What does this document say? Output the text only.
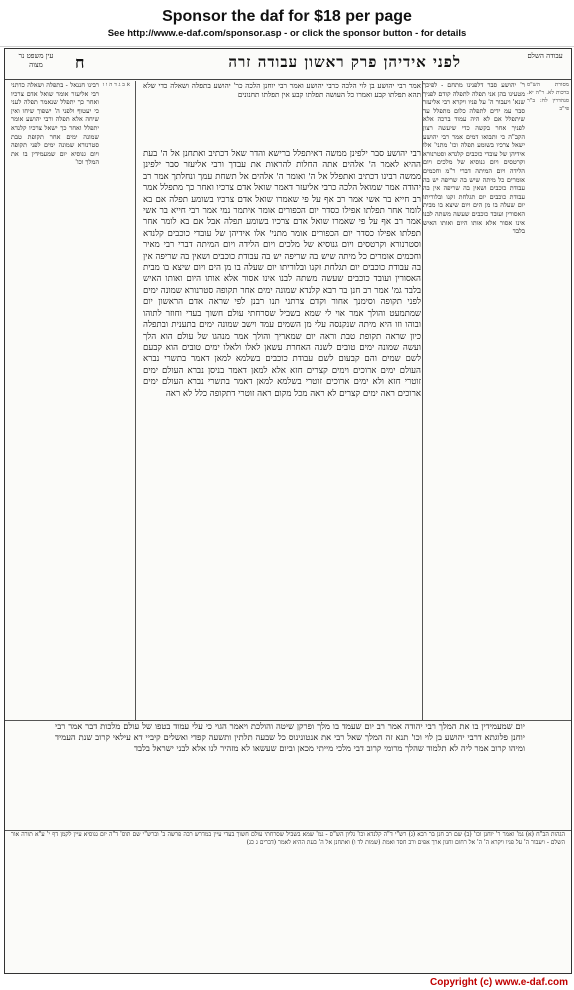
Sponsor the daf for $18 per page

See http://www.e-daf.com/sponsor.asp - or click the sponsor button - for details

עבודה השלם
לפני אידיהן פרק ראשון עבודה זרה
ח
עין משפט נר מצוה
מסורת הש"ס ברכות לא. ר"ה יא. סנהדרין לח: ב"ר פי"ב
ר' יהושע סבר דלפנינו מתחם - לפיכך מטעינו בהן אני תפלה לתפלה קודם לפניך שנא' ויעבור ה' על פניו ויקרא רבי אליעזר סבר עמ ידים לתפלה כלום מתפלל עד שיתפלל אם לא היה עמוד ברכה אלא לפניך אחר בקשה כדי שיעשה רצון הקב"ה כי ותבואו דמים אמר רבי יהושע ישאל צרכיו בשומע תפלה וכו' מתני' אלו אידיהן של עובדי כוכבים קלנדא וסטרנורא וקרטסים ויום גנוסיא של מלכים ויום הלידה ויום המיתה דברי ר"מ וחכמים אומרים כל מיתה שיש בה שריפה יש בה עבודת כוכבים ושאין בה שריפה אין בה עבודת כוכבים יום תגלחת זקנו ובלוריתו יום שעלה בו מן הים ויום שיצא בו מבית האסורין ועובד כוכבים שעשה משתה לבנו אינו אסור אלא אותו היום ואותו האיש בלבד
אמר רבי יהושע בן לוי הלכה כרבי יהושע ואמר רבי יוחנן הלכה כר' יהושע בתפלה ושאלה כדי שלא תהא תפלתו קבע ואמרו כל העושה תפלתו קבע אין תפלתו תחנונים
רבי יהושע סבר ילפינן ממשה דאיתפלל ברישא והדר שאל דכתיב ואתחנן אל ה' בעת ההיא לאמר ה' אלהים אתה החלות להראות את עבדך ורבי אליעזר סבר ילפינן ממשה רבינו דכתיב ואתפלל אל ה' ואומר ה' אלהים אל תשחת עמך ונחלתך אמר רב יהודה אמר שמואל הלכה כרבי אליעזר דאמר שואל אדם צרכיו ואחר כך מתפלל אמר רב חייא בר אשי אמר רב אף על פי שאמרו שואל אדם צרכיו בשומע תפלה אם בא לומר אחר תפלתו אפילו כסדר יום הכפורים אומר איתמר נמי אמר רבי חייא בר אשי אמר רב אף על פי שאמרו שואל אדם צרכיו בשומע תפלה אבל אם בא לומר אחר תפלתו אפילו כסדר יום הכפורים אומר מתני' אלו אידיהן של עובדי כוכבים קלנדא וסטרנורא וקרטסים ויום גנוסיא של מלכים ויום הלידה ויום המיתה דברי רבי מאיר וחכמים אומרים כל מיתה שיש בה שריפה יש בה עבודת כוכבים ושאין בה שריפה אין בה עבודת כוכבים יום תגלחת זקנו ובלוריתו יום שעלה בו מן הים ויום שיצא בו מבית האסורין ועובד כוכבים שעשה משתה לבנו אינו אסור אלא אותו היום ואותו האיש בלבד גמ' אמר רב חנן בר רבא קלנדא שמונה ימים אחר תקופה סטרנורא שמונה ימים לפני תקופה וסימנך אחור וקדם צרתני תנו רבנן לפי שראה אדם הראשון יום שמתמעט והולך אמר אוי לי שמא בשביל שסרחתי עולם חשוך בעדי וחוזר לתוהו ובוהו וזו היא מיתה שנקנסה עלי מן השמים עמד וישב שמונה ימים בתענית ובתפלה כיון שראה תקופת טבת וראה יום שמאריך והולך אמר מנהגו של עולם הוא הלך ועשה שמונה ימים טובים לשנה האחרת עשאן לאלו ולאלו ימים טובים הוא קבעם לשם שמים והם קבעום לשם עבודת כוכבים בשלמא למאן דאמר בתשרי נברא העולם ימים ארוכים וימים קצרים חזא אלא למאן דאמר בניסן נברא העולם ימים זוטרי חזא ולא ימים ארוכים זוטרי בשלמא למאן דאמר בתשרי נברא העולם ימים ארוכים ראה ימים קצרים לא ראה מכל מקום ראה זוטרי דתקופה כלל לא ראה
א ב ג ד ה ו ז
רבינו חננאל - בתפלה ושאלה כדתני רבי אליעזר אומר שואל אדם צרכיו ואחר כך יתפלל שנאמר תפלה לעני כי יעטוף ולפני ה' ישפוך שיחו ואין שיחה אלא תפלה ורבי יהושע אומר יתפלל ואחר כך ישאל צרכיו קלנדא שמונה ימים אחר תקופת טבת סטרנורא שמונה ימים לפני תקופה ויום גנוסיא יום שמעמידין בו את המלך וכו'
יום שמעמידין בו את המלך רבי יהודה אמר רב יום שעמד בו מלך ופרקן שיטה והולכת ויאמר הגוי כי עלי עמוד בטפו של עולם מלכות דבר אמר רבי יוחנן פלוגתא דרבי יהושע בן לוי וכו' תנא זה המלך שאל רבי את אנטונינוס כל שבעה תלתין ותשעה קפדי ואשלים קיביי דא עילאי קרוב שנת העמיד ומיהו קרוב אמר ליה לא תלמוד שהלך מרומי קרוב דבי מלכי מייתי מכאן וביום שעשאו לא מזהיר לנו אלא לבני ישראל בלבד
הגהות הב"ח (א) גמ' ואמר ר' יוחנן וכו' (ב) שם רב חנן בר רבא (ג) רש"י ד"ה קלנדא וכו' גליון הש"ס - גמ' שמא בשביל שסרחתי עולם חשוך בעדי עיין במדרש רבה פרשה ב' וברש"י שם תוס' ד"ה יום גנוסיא עיין לקמן דף י' ע"א תורה אור השלם - ויעבור ה' על פניו ויקרא ה' ה' אל רחום וחנון ארך אפים ורב חסד ואמת (שמות לד ו) ואתחנן אל ה' בעת ההיא לאמר (דברים ג כג)
Copyright (c) www.e-daf.com
